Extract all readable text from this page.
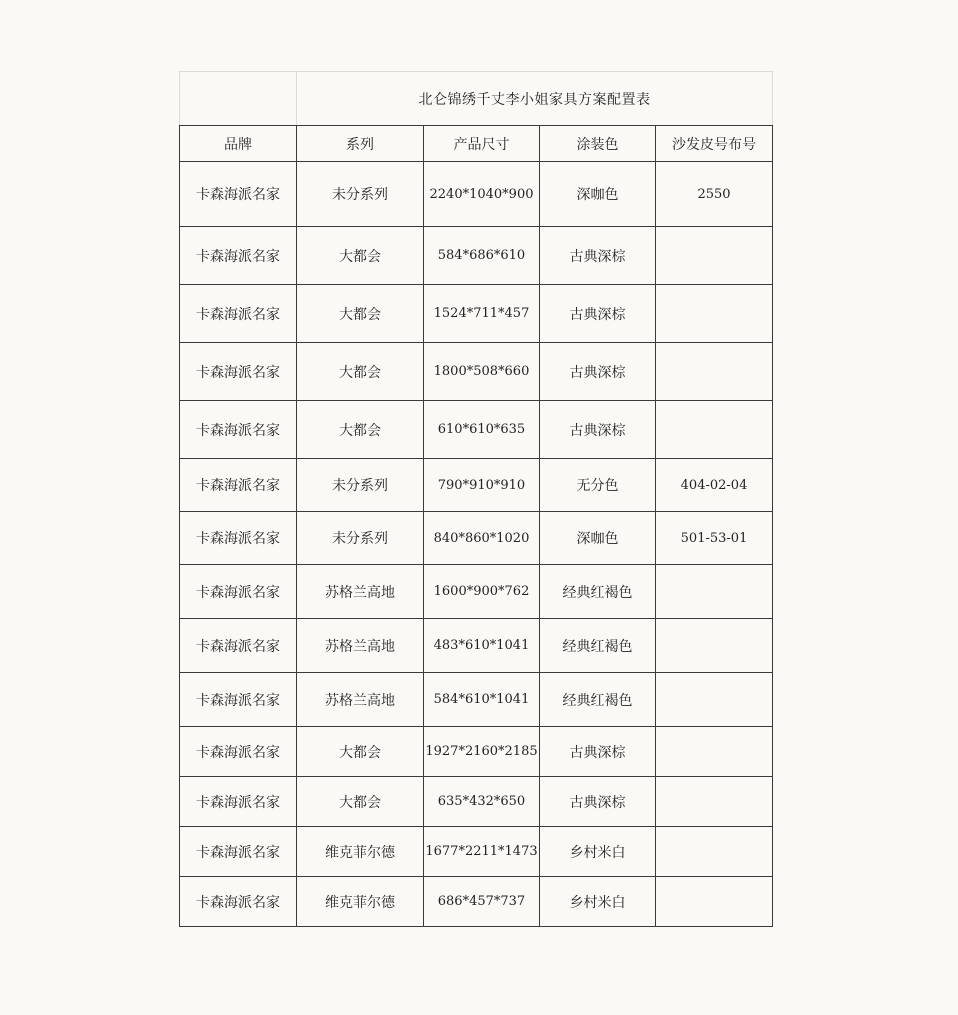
	北仑锦绣千丈李小姐家具方案配置表			
品牌	系列	产品尺寸	涂装色	沙发皮号布号
卡森海派名家	未分系列	2240*1040*900	深咖色	2550
卡森海派名家	大都会	584*686*610	古典深棕	
卡森海派名家	大都会	1524*711*457	古典深棕	
卡森海派名家	大都会	1800*508*660	古典深棕	
卡森海派名家	大都会	610*610*635	古典深棕	
卡森海派名家	未分系列	790*910*910	无分色	404-02-04
卡森海派名家	未分系列	840*860*1020	深咖色	501-53-01
卡森海派名家	苏格兰高地	1600*900*762	经典红褐色	
卡森海派名家	苏格兰高地	483*610*1041	经典红褐色	
卡森海派名家	苏格兰高地	584*610*1041	经典红褐色	
卡森海派名家	大都会	1927*2160*2185	古典深棕	
卡森海派名家	大都会	635*432*650	古典深棕	
卡森海派名家	维克菲尔德	1677*2211*1473	乡村米白	
卡森海派名家	维克菲尔德	686*457*737	乡村米白	
